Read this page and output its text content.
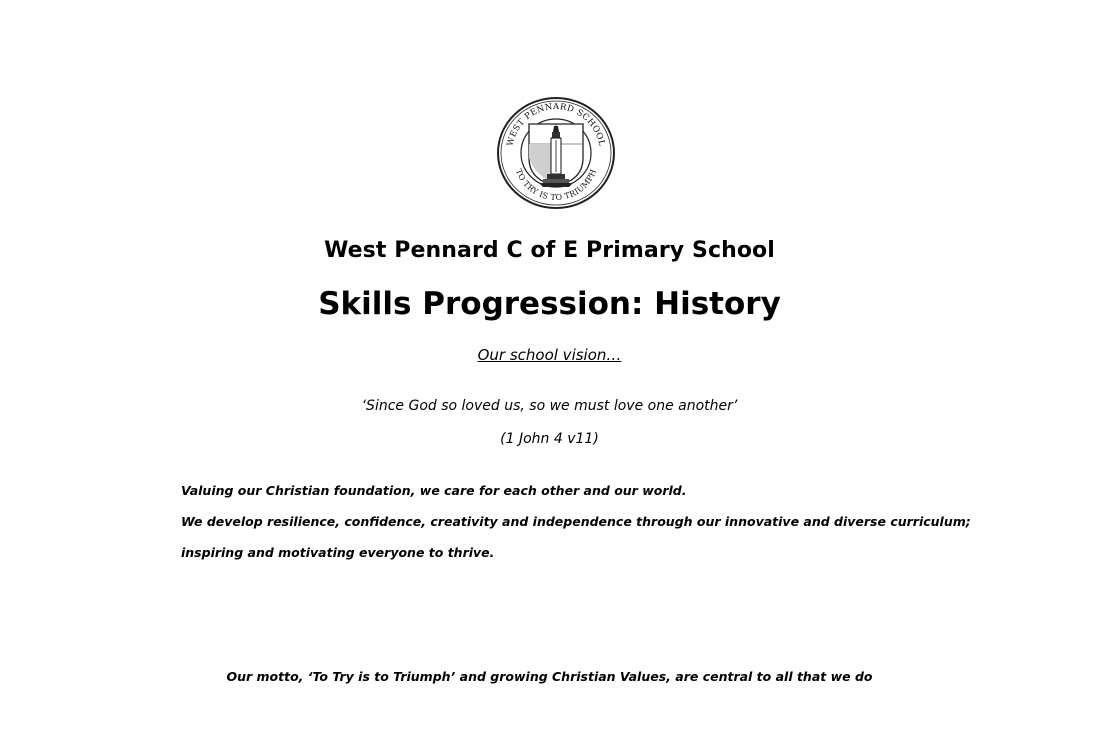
WEST PENNARD SCHOOL
TO TRY IS TO TRIUMPH
West Pennard C of E Primary School
Skills Progression: History
Our school vision…
‘Since God so loved us, so we must love one another’
(1 John 4 v11)
Valuing our Christian foundation, we care for each other and our world.
We develop resilience, confidence, creativity and independence through our innovative and diverse curriculum;
inspiring and motivating everyone to thrive.
Our motto, ‘To Try is to Triumph’ and growing Christian Values, are central to all that we do
